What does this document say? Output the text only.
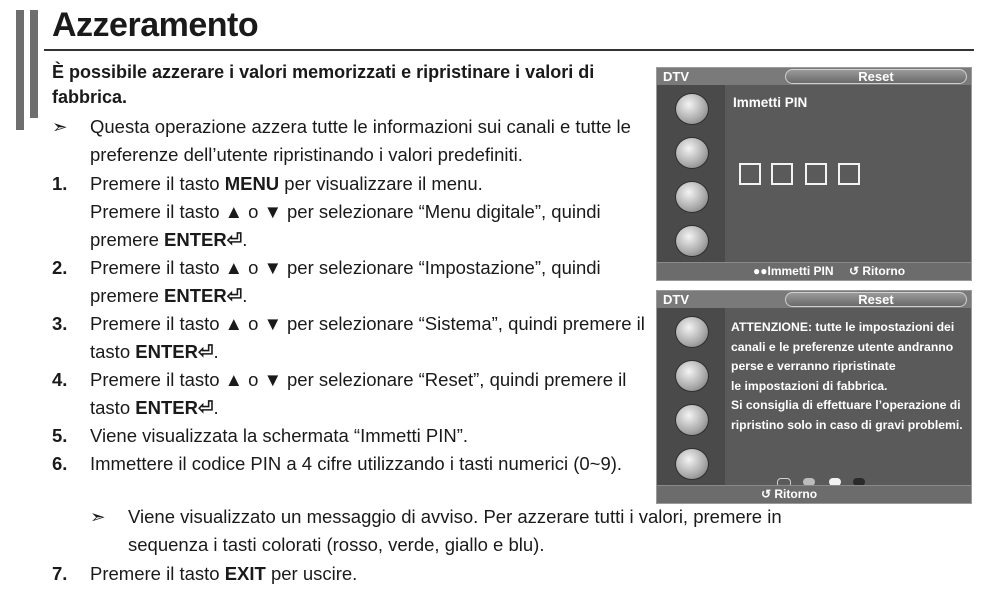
Azzeramento
È possibile azzerare i valori memorizzati e ripristinare i valori di fabbrica.
➣	Questa operazione azzera tutte le informazioni sui canali e tutte le preferenze dell’utente ripristinando i valori predefiniti.
1. Premere il tasto MENU per visualizzare il menu.
Premere il tasto ▲ o ▼ per selezionare “Menu digitale”, quindi premere ENTER⏎.
2. Premere il tasto ▲ o ▼ per selezionare “Impostazione”, quindi premere ENTER⏎.
3. Premere il tasto ▲ o ▼ per selezionare “Sistema”, quindi premere il tasto ENTER⏎.
4. Premere il tasto ▲ o ▼ per selezionare “Reset”, quindi premere il tasto ENTER⏎.
5. Viene visualizzata la schermata “Immetti PIN”.
6. Immettere il codice PIN a 4 cifre utilizzando i tasti numerici (0~9).
➣ Viene visualizzato un messaggio di avviso. Per azzerare tutti i valori, premere in sequenza i tasti colorati (rosso, verde, giallo e blu).
7. Premere il tasto EXIT per uscire.
DTV	Reset
Immetti PIN
●●Immetti PIN ↺ Ritorno
DTV	Reset
ATTENZIONE: tutte le impostazioni dei
canali e le preferenze utente andranno
perse e verranno ripristinate
le impostazioni di fabbrica.
Si consiglia di effettuare l’operazione di
ripristino solo in caso di gravi problemi.
↺ Ritorno
